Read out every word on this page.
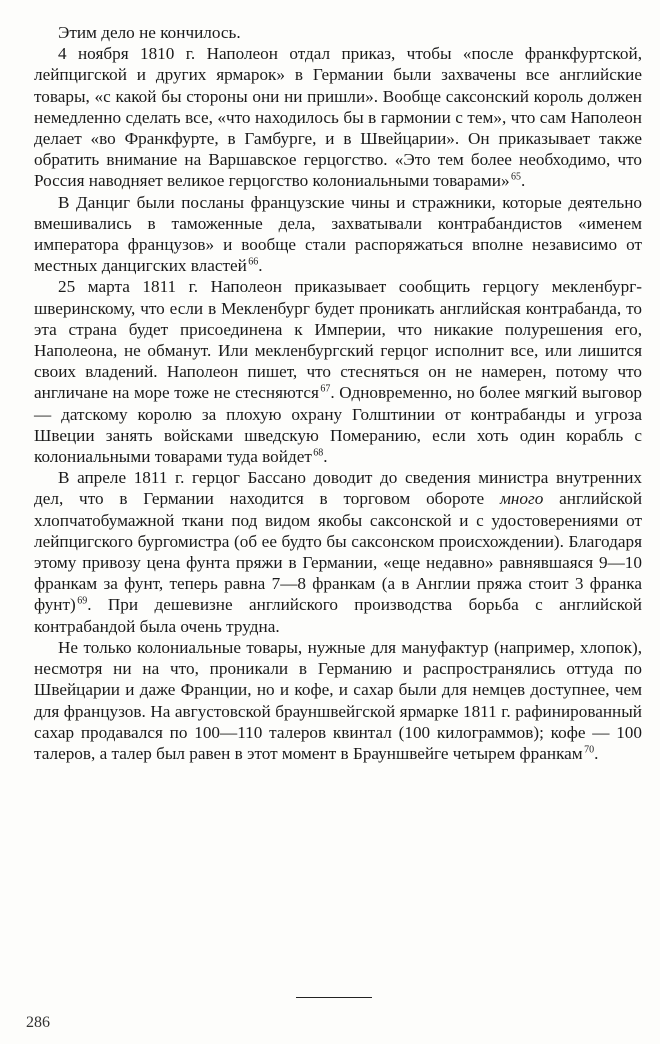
Этим дело не кончилось.

4 ноября 1810 г. Наполеон отдал приказ, чтобы «после франкфуртской, лейпцигской и других ярмарок» в Германии были захвачены все английские товары, «с какой бы стороны они ни пришли». Вообще саксонский король должен немедленно сделать все, «что находилось бы в гармонии с тем», что сам Наполеон делает «во Франкфурте, в Гамбурге, и в Швейцарии». Он приказывает также обратить внимание на Варшавское герцогство. «Это тем более необходимо, что Россия наводняет великое герцогство колониальными товарами» $^{65}$.

В Данциг были посланы французские чины и стражники, которые деятельно вмешивались в таможенные дела, захватывали контрабандистов «именем императора французов» и вообще стали распоряжаться вполне независимо от местных данцигских властей $^{66}$.

25 марта 1811 г. Наполеон приказывает сообщить герцогу мекленбург-шверинскому, что если в Мекленбург будет проникать английская контрабанда, то эта страна будет присоединена к Империи, что никакие полурешения его, Наполеона, не обманут. Или мекленбургский герцог исполнит все, или лишится своих владений. Наполеон пишет, что стесняться он не намерен, потому что англичане на море тоже не стесняются $^{67}$. Одновременно, но более мягкий выговор — датскому королю за плохую охрану Голштинии от контрабанды и угроза Швеции занять войсками шведскую Померанию, если хоть один корабль с колониальными товарами туда войдет $^{68}$.

В апреле 1811 г. герцог Бассано доводит до сведения министра внутренних дел, что в Германии находится в торговом обороте много английской хлопчатобумажной ткани под видом якобы саксонской и с удостоверениями от лейпцигского бургомистра (об ее будто бы саксонском происхождении). Благодаря этому привозу цена фунта пряжи в Германии, «еще недавно» равнявшаяся 9—10 франкам за фунт, теперь равна 7—8 франкам (а в Англии пряжа стоит 3 франка фунт) $^{69}$. При дешевизне английского производства борьба с английской контрабандой была очень трудна.

Не только колониальные товары, нужные для мануфактур (например, хлопок), несмотря ни на что, проникали в Германию и распространялись оттуда по Швейцарии и даже Франции, но и кофе, и сахар были для немцев доступнее, чем для французов. На августовской брауншвейгской ярмарке 1811 г. рафинированный сахар продавался по 100—110 талеров квинтал (100 килограммов); кофе — 100 талеров, а талер был равен в этот момент в Брауншвейге четырем франкам $^{70}$.

286
